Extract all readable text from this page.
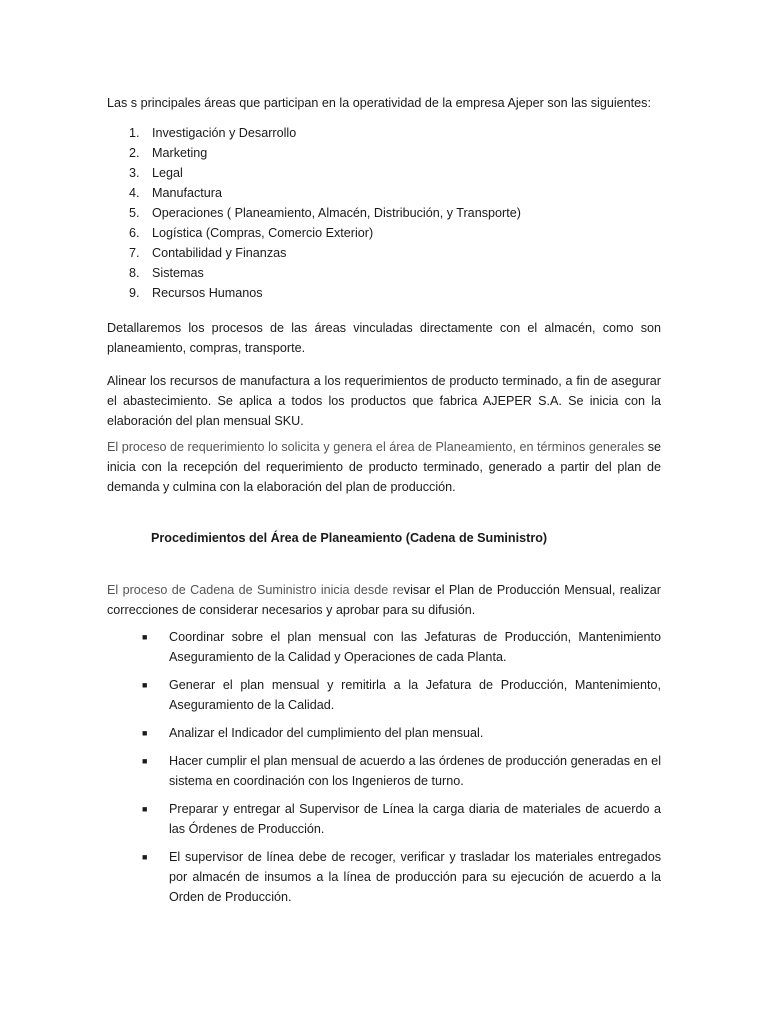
Las s principales áreas que participan en la operatividad de la empresa Ajeper son las siguientes:

1. Investigación y Desarrollo
2. Marketing
3. Legal
4. Manufactura
5. Operaciones ( Planeamiento, Almacén, Distribución, y Transporte)
6. Logística (Compras, Comercio Exterior)
7. Contabilidad y Finanzas
8. Sistemas
9. Recursos Humanos

Detallaremos los procesos de las áreas vinculadas directamente con el almacén, como son planeamiento, compras, transporte.

Alinear los recursos de manufactura a los requerimientos de producto terminado, a fin de asegurar el abastecimiento. Se aplica a todos los productos que fabrica AJEPER S.A. Se inicia con la elaboración del plan mensual SKU.

El proceso de requerimiento lo solicita y genera el área de Planeamiento, en términos generales se inicia con la recepción del requerimiento de producto terminado, generado a partir del plan de demanda y culmina con la elaboración del plan de producción.

Procedimientos del Área de Planeamiento (Cadena de Suministro)

El proceso de Cadena de Suministro inicia desde revisar el Plan de Producción Mensual, realizar correcciones de considerar necesarios y aprobar para su difusión.

■ Coordinar sobre el plan mensual con las Jefaturas de Producción, Mantenimiento Aseguramiento de la Calidad y Operaciones de cada Planta.
■ Generar el plan mensual y remitirla a la Jefatura de Producción, Mantenimiento, Aseguramiento de la Calidad.
■ Analizar el Indicador del cumplimiento del plan mensual.
■ Hacer cumplir el plan mensual de acuerdo a las órdenes de producción generadas en el sistema en coordinación con los Ingenieros de turno.
■ Preparar y entregar al Supervisor de Línea la carga diaria de materiales de acuerdo a las Órdenes de Producción.
■ El supervisor de línea debe de recoger, verificar y trasladar los materiales entregados por almacén de insumos a la línea de producción para su ejecución de acuerdo a la Orden de Producción.
